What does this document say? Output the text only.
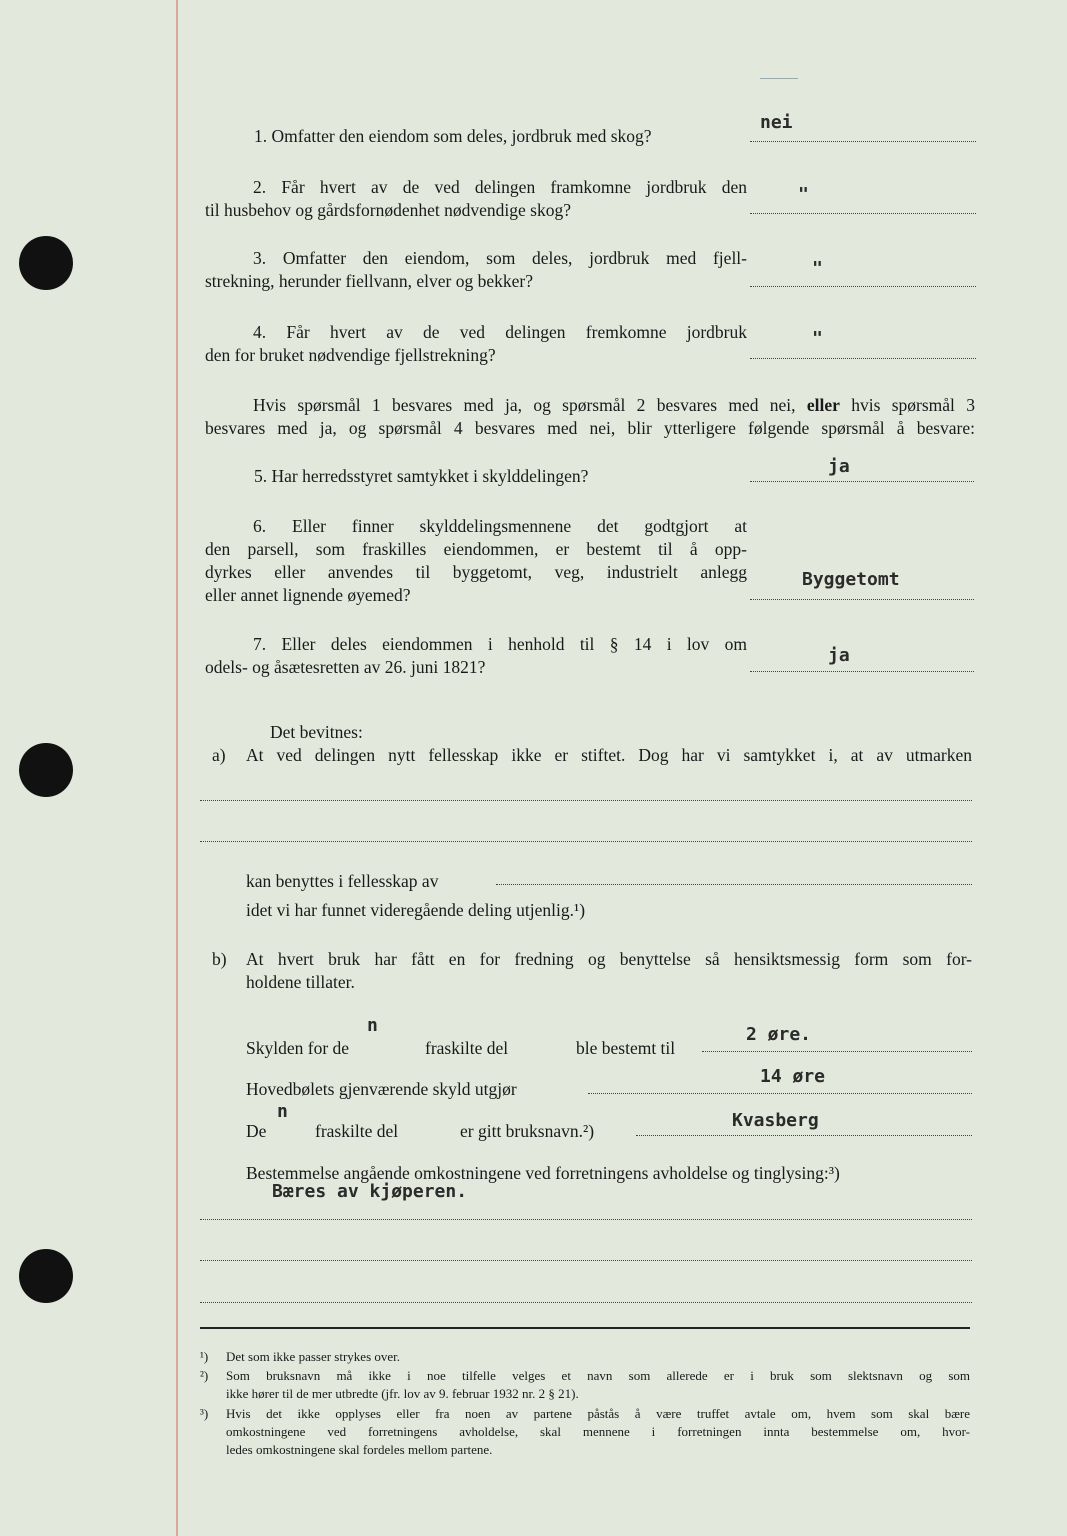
1. Omfatter den eiendom som deles, jordbruk med skog?
nei
2. Får hvert av de ved delingen framkomne jordbruk den
til husbehov og gårdsfornødenhet nødvendige skog?
"
3. Omfatter den eiendom, som deles, jordbruk med fjell-
strekning, herunder fiellvann, elver og bekker?
"
4. Får hvert av de ved delingen fremkomne jordbruk
den for bruket nødvendige fjellstrekning?
"
Hvis spørsmål 1 besvares med ja, og spørsmål 2 besvares med nei, eller hvis spørsmål 3
besvares med ja, og spørsmål 4 besvares med nei, blir ytterligere følgende spørsmål å besvare:
5. Har herredsstyret samtykket i skylddelingen?	ja
6. Eller finner skylddelingsmennene det godtgjort at
den parsell, som fraskilles eiendommen, er bestemt til å opp-
dyrkes eller anvendes til byggetomt, veg, industrielt anlegg
eller annet lignende øyemed?
Byggetomt
7. Eller deles eiendommen i henhold til § 14 i lov om
odels- og åsætesretten av 26. juni 1821?
ja
Det bevitnes:
a) At ved delingen nytt fellesskap ikke er stiftet. Dog har vi samtykket i, at av utmarken
kan benyttes i fellesskap av
idet vi har funnet videregående deling utjenlig.¹)
b) At hvert bruk har fått en for fredning og benyttelse så hensiktsmessig form som for-
holdene tillater.
Skylden for de
n
fraskilte del	ble bestemt til
2 øre.
Hovedbølets gjenværende skyld utgjør
14 øre
De
n
fraskilte del	er gitt bruksnavn.²)	Kvasberg
Bestemmelse angående omkostningene ved forretningens avholdelse og tinglysing:³)
Bæres av kjøperen.
¹) Det som ikke passer strykes over.
²) Som bruksnavn må ikke i noe tilfelle velges et navn som allerede er i bruk som slektsnavn og som
ikke hører til de mer utbredte (jfr. lov av 9. februar 1932 nr. 2 § 21).
³) Hvis det ikke opplyses eller fra noen av partene påstås å være truffet avtale om, hvem som skal bære
omkostningene ved forretningens avholdelse, skal mennene i forretningen innta bestemmelse om, hvor-
ledes omkostningene skal fordeles mellom partene.
